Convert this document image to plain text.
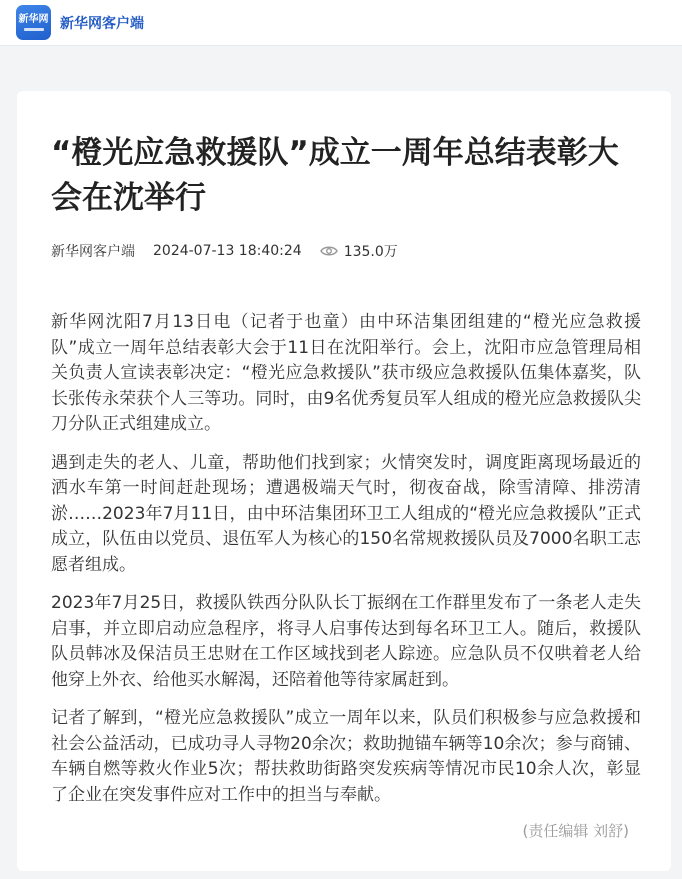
新华网 新华网客户端
“橙光应急救援队”成立一周年总结表彰大会在沈举行
新华网客户端 2024-07-13 18:40:24	135.0万

新华网沈阳7月13日电（记者于也童）由中环洁集团组建的“橙光应急救援队”成立一周年总结表彰大会于11日在沈阳举行。会上，沈阳市应急管理局相关负责人宣读表彰决定：“橙光应急救援队”获市级应急救援队伍集体嘉奖，队长张传永荣获个人三等功。同时，由9名优秀复员军人组成的橙光应急救援队尖刀分队正式组建成立。

遇到走失的老人、儿童，帮助他们找到家；火情突发时，调度距离现场最近的洒水车第一时间赶赴现场；遭遇极端天气时，彻夜奋战，除雪清障、排涝清淤……2023年7月11日，由中环洁集团环卫工人组成的“橙光应急救援队”正式成立，队伍由以党员、退伍军人为核心的150名常规救援队员及7000名职工志愿者组成。

2023年7月25日，救援队铁西分队队长丁振纲在工作群里发布了一条老人走失启事，并立即启动应急程序，将寻人启事传达到每名环卫工人。随后，救援队队员韩冰及保洁员王忠财在工作区域找到老人踪迹。应急队员不仅哄着老人给他穿上外衣、给他买水解渴，还陪着他等待家属赶到。

记者了解到，“橙光应急救援队”成立一周年以来，队员们积极参与应急救援和社会公益活动，已成功寻人寻物20余次；救助抛锚车辆等10余次；参与商铺、车辆自燃等救火作业5次；帮扶救助街路突发疾病等情况市民10余人次，彰显了企业在突发事件应对工作中的担当与奉献。

(责任编辑 刘舒)
